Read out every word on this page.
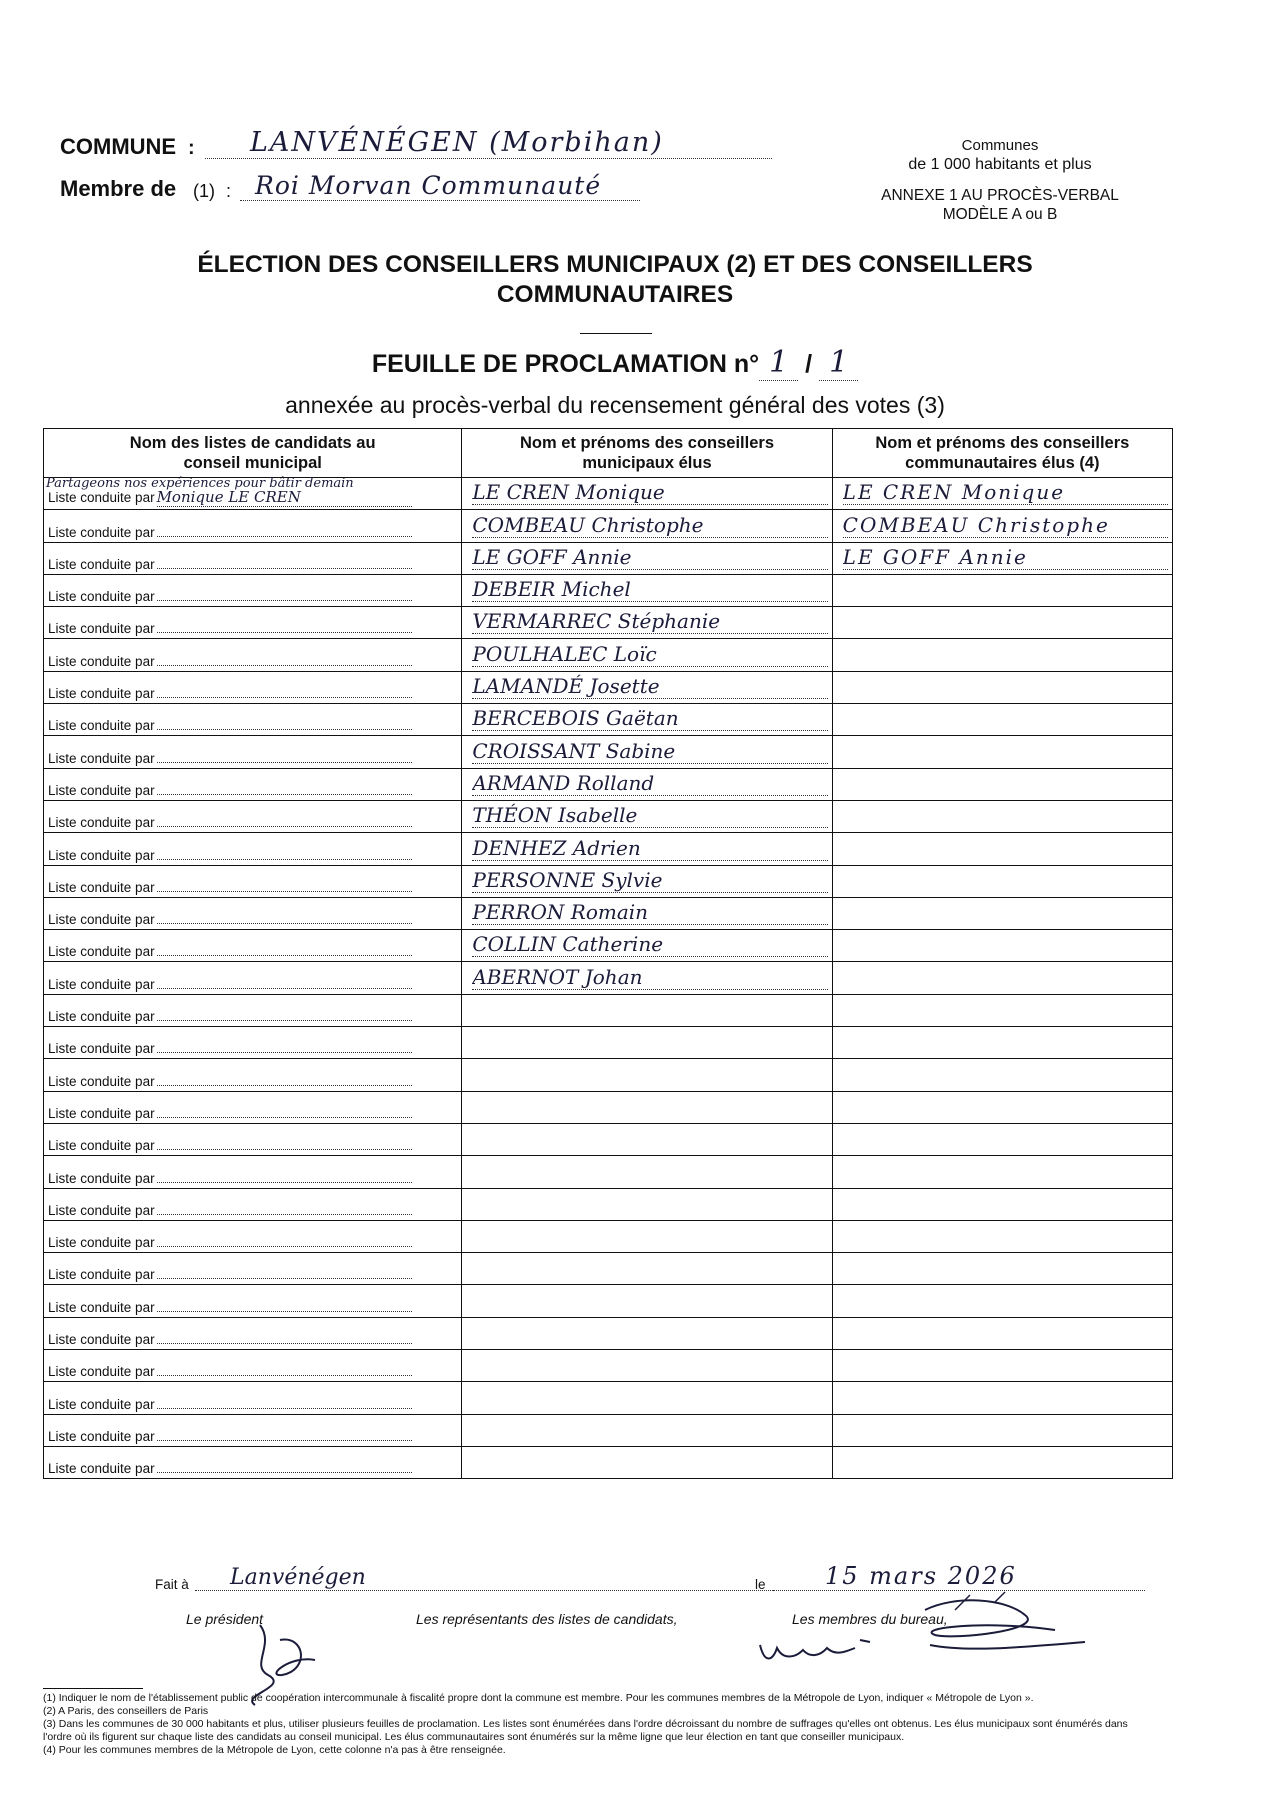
COMMUNE : LANVÉNÉGEN (Morbihan)
Membre de (1) : Roi Morvan Communauté
Communes
de 1 000 habitants et plus
ANNEXE 1 AU PROCÈS-VERBAL
MODÈLE A ou B
ÉLECTION DES CONSEILLERS MUNICIPAUX (2) ET DES CONSEILLERS
COMMUNAUTAIRES
FEUILLE DE PROCLAMATION n° 1 / 1
annexée au procès-verbal du recensement général des votes (3)
Nom des listes de candidats au conseil municipal	Nom et prénoms des conseillers municipaux élus	Nom et prénoms des conseillers communautaires élus (4)

Partageons nos expériences pour bâtir demain
Liste conduite par Monique LE CREN	LE CREN Monique	LE CREN Monique

Liste conduite par	COMBEAU Christophe	COMBEAU Christophe

Liste conduite par	LE GOFF Annie	LE GOFF Annie

Liste conduite par	DEBEIR Michel	

Liste conduite par	VERMARREC Stéphanie	

Liste conduite par	POULHALEC Loïc	

Liste conduite par	LAMANDÉ Josette	

Liste conduite par	BERCEBOIS Gaëtan	

Liste conduite par	CROISSANT Sabine	

Liste conduite par	ARMAND Rolland	

Liste conduite par	THÉON Isabelle	

Liste conduite par	DENHEZ Adrien	

Liste conduite par	PERSONNE Sylvie	

Liste conduite par	PERRON Romain	

Liste conduite par	COLLIN Catherine	

Liste conduite par	ABERNOT Johan	

Liste conduite par		

Liste conduite par		

Liste conduite par		

Liste conduite par		

Liste conduite par		

Liste conduite par		

Liste conduite par		

Liste conduite par		

Liste conduite par		

Liste conduite par		

Liste conduite par		

Liste conduite par		

Liste conduite par		

Liste conduite par		

Liste conduite par		

Fait à Lanvénégen	le 15 mars 2026
Le président	Les représentants des listes de candidats,	Les membres du bureau,
(1) Indiquer le nom de l'établissement public de coopération intercommunale à fiscalité propre dont la commune est membre. Pour les communes membres de la Métropole de Lyon, indiquer « Métropole de Lyon ».
(2) A Paris, des conseillers de Paris
(3) Dans les communes de 30 000 habitants et plus, utiliser plusieurs feuilles de proclamation. Les listes sont énumérées dans l'ordre décroissant du nombre de suffrages qu'elles ont obtenus. Les élus municipaux sont énumérés dans l'ordre où ils figurent sur chaque liste des candidats au conseil municipal. Les élus communautaires sont énumérés sur la même ligne que leur élection en tant que conseiller municipaux.
(4) Pour les communes membres de la Métropole de Lyon, cette colonne n'a pas à être renseignée.
